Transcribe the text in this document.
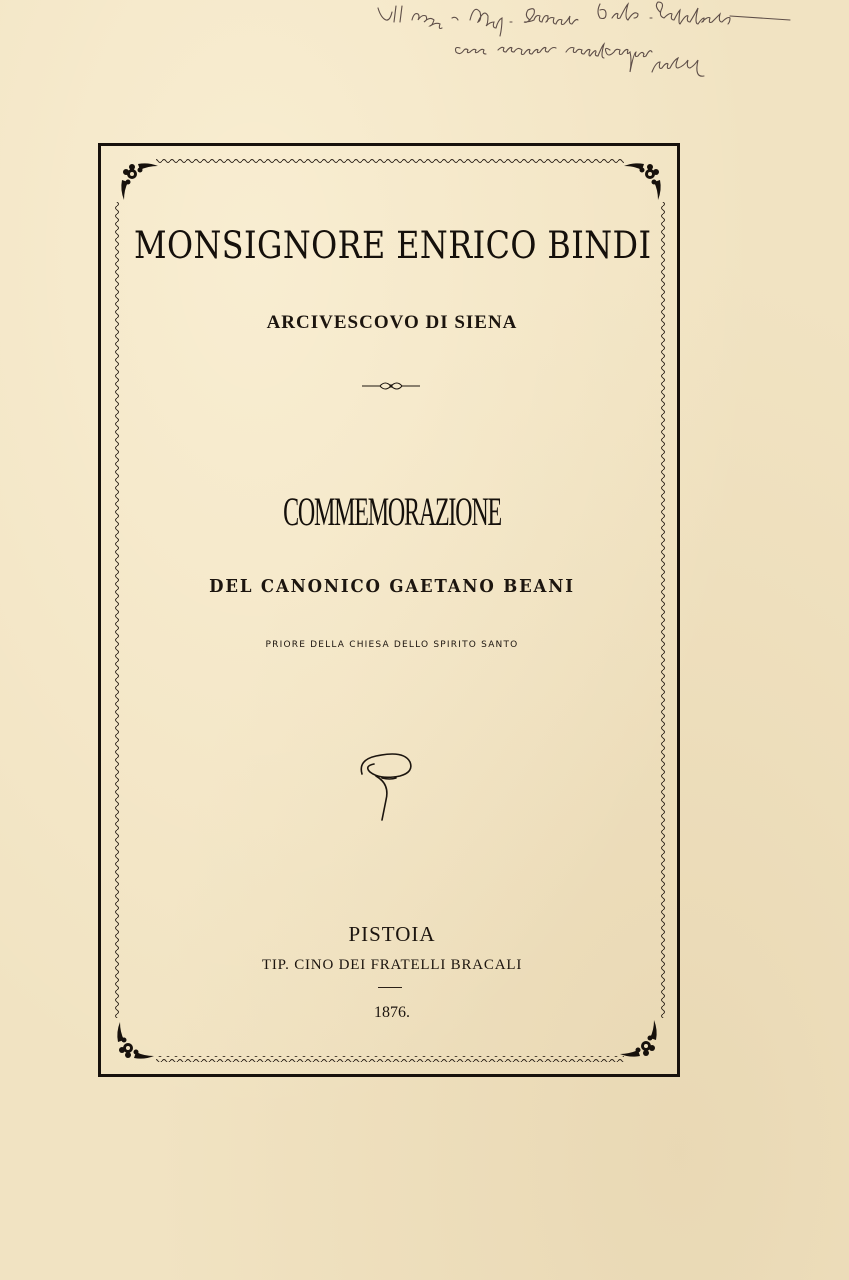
MONSIGNORE ENRICO BINDI
ARCIVESCOVO DI SIENA
COMMEMORAZIONE
DEL CANONICO GAETANO BEANI
PRIORE DELLA CHIESA DELLO SPIRITO SANTO
PISTOIA
TIP. CINO DEI FRATELLI BRACALI
1876.
